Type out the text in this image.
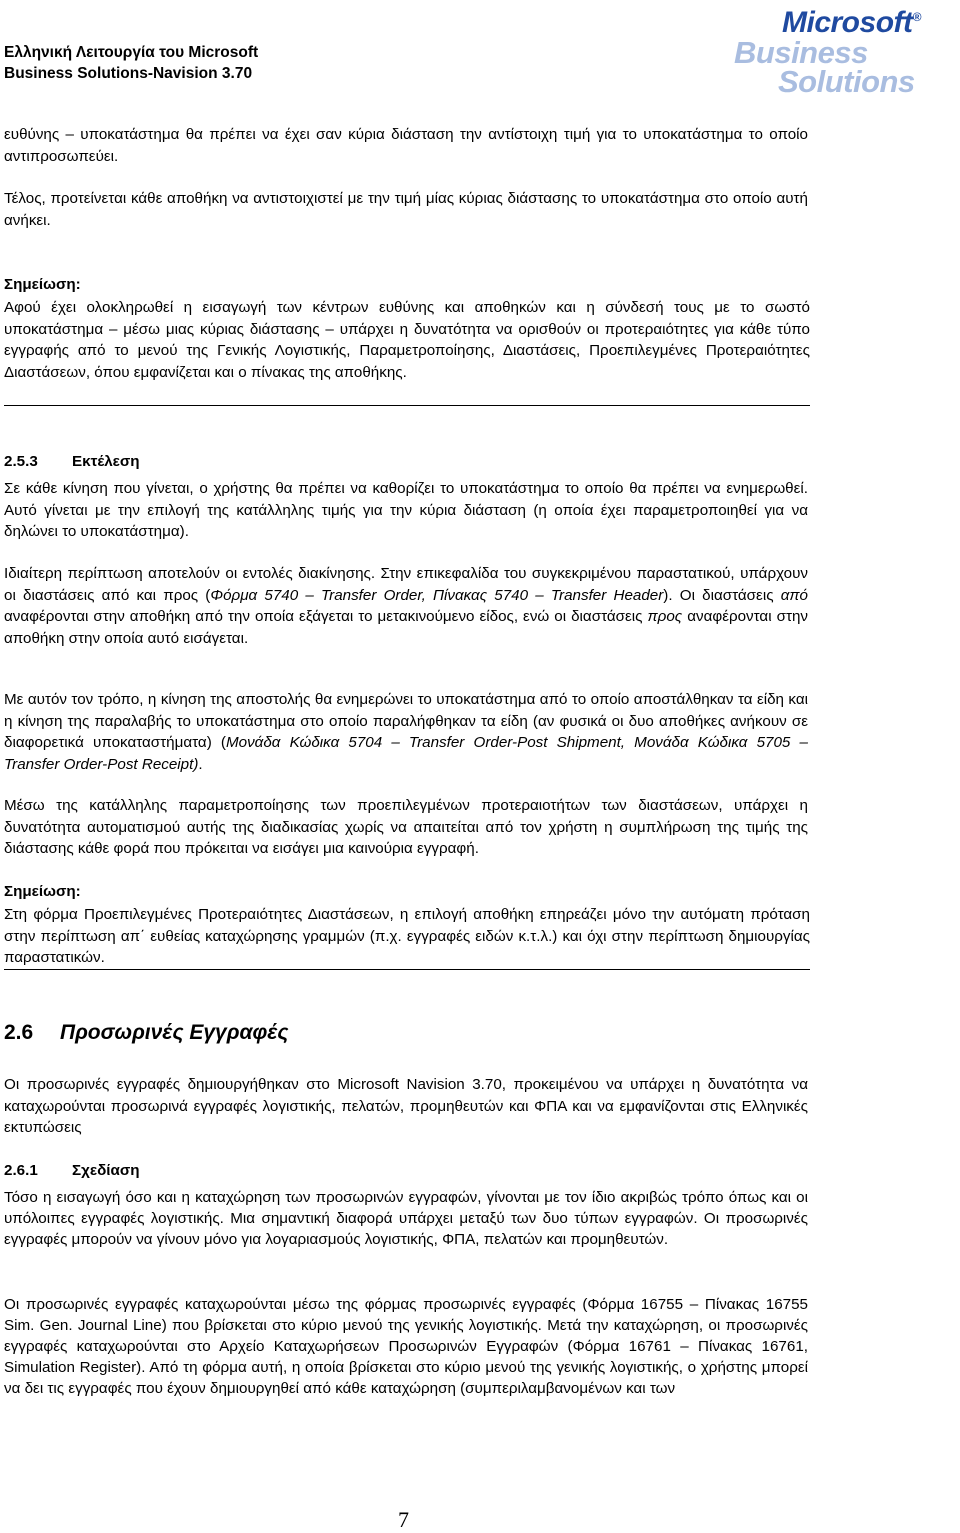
Ελληνική Λειτουργία του Microsoft
Business Solutions-Navision 3.70
Microsoft®
Business
Solutions

ευθύνης – υποκατάστημα θα πρέπει να έχει σαν κύρια διάσταση την αντίστοιχη τιμή για το υποκατάστημα το οποίο αντιπροσωπεύει.

Τέλος, προτείνεται κάθε αποθήκη να αντιστοιχιστεί με την τιμή μίας κύριας διάστασης το υποκατάστημα στο οποίο αυτή ανήκει.

Σημείωση:

Αφού έχει ολοκληρωθεί η εισαγωγή των κέντρων ευθύνης και αποθηκών και η σύνδεσή τους με το σωστό υποκατάστημα – μέσω μιας κύριας διάστασης – υπάρχει η δυνατότητα να ορισθούν οι προτεραιότητες για κάθε τύπο εγγραφής από το μενού της Γενικής Λογιστικής, Παραμετροποίησης, Διαστάσεις, Προεπιλεγμένες Προτεραιότητες Διαστάσεων, όπου εμφανίζεται και ο πίνακας της αποθήκης.

2.5.3 Εκτέλεση

Σε κάθε κίνηση που γίνεται, ο χρήστης θα πρέπει να καθορίζει το υποκατάστημα το οποίο θα πρέπει να ενημερωθεί. Αυτό γίνεται με την επιλογή της κατάλληλης τιμής για την κύρια διάσταση (η οποία έχει παραμετροποιηθεί για να δηλώνει το υποκατάστημα).

Ιδιαίτερη περίπτωση αποτελούν οι εντολές διακίνησης. Στην επικεφαλίδα του συγκεκριμένου παραστατικού, υπάρχουν οι διαστάσεις από και προς (Φόρμα 5740 – Transfer Order, Πίνακας 5740 – Transfer Header). Οι διαστάσεις από αναφέρονται στην αποθήκη από την οποία εξάγεται το μετακινούμενο είδος, ενώ οι διαστάσεις προς αναφέρονται στην αποθήκη στην οποία αυτό εισάγεται.

Με αυτόν τον τρόπο, η κίνηση της αποστολής θα ενημερώνει το υποκατάστημα από το οποίο αποστάλθηκαν τα είδη και η κίνηση της παραλαβής το υποκατάστημα στο οποίο παραλήφθηκαν τα είδη (αν φυσικά οι δυο αποθήκες ανήκουν σε διαφορετικά υποκαταστήματα) (Μονάδα Κώδικα 5704 – Transfer Order-Post Shipment, Μονάδα Κώδικα 5705 – Transfer Order-Post Receipt).

Μέσω της κατάλληλης παραμετροποίησης των προεπιλεγμένων προτεραιοτήτων των διαστάσεων, υπάρχει η δυνατότητα αυτοματισμού αυτής της διαδικασίας χωρίς να απαιτείται από τον χρήστη η συμπλήρωση της τιμής της διάστασης κάθε φορά που πρόκειται να εισάγει μια καινούρια εγγραφή.

Σημείωση:

Στη φόρμα Προεπιλεγμένες Προτεραιότητες Διαστάσεων, η επιλογή αποθήκη επηρεάζει μόνο την αυτόματη πρόταση στην περίπτωση απ΄ ευθείας καταχώρησης γραμμών (π.χ. εγγραφές ειδών κ.τ.λ.) και όχι στην περίπτωση δημιουργίας παραστατικών.

2.6 Προσωρινές Εγγραφές

Οι προσωρινές εγγραφές δημιουργήθηκαν στο Microsoft Navision 3.70, προκειμένου να υπάρχει η δυνατότητα να καταχωρούνται προσωρινά εγγραφές λογιστικής, πελατών, προμηθευτών και ΦΠΑ και να εμφανίζονται στις Ελληνικές εκτυπώσεις

2.6.1 Σχεδίαση

Τόσο η εισαγωγή όσο και η καταχώρηση των προσωρινών εγγραφών, γίνονται με τον ίδιο ακριβώς τρόπο όπως και οι υπόλοιπες εγγραφές λογιστικής. Μια σημαντική διαφορά υπάρχει μεταξύ των δυο τύπων εγγραφών. Οι προσωρινές εγγραφές μπορούν να γίνουν μόνο για λογαριασμούς λογιστικής, ΦΠΑ, πελατών και προμηθευτών.

Οι προσωρινές εγγραφές καταχωρούνται μέσω της φόρμας προσωρινές εγγραφές (Φόρμα 16755 – Πίνακας 16755 Sim. Gen. Journal Line) που βρίσκεται στο κύριο μενού της γενικής λογιστικής. Μετά την καταχώρηση, οι προσωρινές εγγραφές καταχωρούνται στο Αρχείο Καταχωρήσεων Προσωρινών Εγγραφών (Φόρμα 16761 – Πίνακας 16761, Simulation Register). Από τη φόρμα αυτή, η οποία βρίσκεται στο κύριο μενού της γενικής λογιστικής, ο χρήστης μπορεί να δει τις εγγραφές που έχουν δημιουργηθεί από κάθε καταχώρηση (συμπεριλαμβανομένων και των

7
